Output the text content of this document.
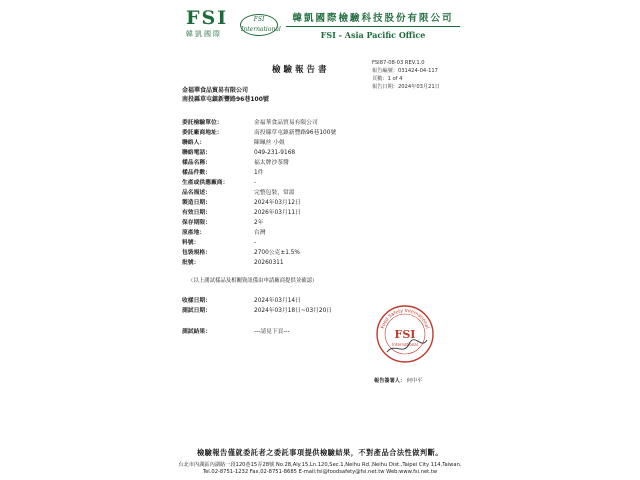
FSI
韓凱國際
FSI
International
韓凱國際檢驗科技股份有限公司
FSI - Asia Pacific Office
檢驗報告書
FSI87-08-03 REV.1.0
報告編號：031424-04-117
頁數：1 of 4
報告日期：2024年03月21日
金福華食品貿易有限公司
南投縣草屯鎮新豐路96巷100號
委託檢驗單位：	金福華食品貿易有限公司
委託廠商地址：	南投縣草屯鎮新豐路96巷100號
聯絡人：	陳珮丝 小姐
聯絡電話：	049-231-9168
樣品名稱：	福太牌沙茶醬
樣品件數：	1件
生產或供應廠商：	-
品名描述：	完整包裝，常溫
製造日期：	2024年03月12日
有效日期：	2026年03月11日
保存期限：	2年
原產地：	台灣
料號：	-
包裝規格：	2700公克±1.5%
批號：	20260311
（以上測試樣品及相關資訊係由申請廠商提供並確認）
收樣日期：	2024年03月14日
測試日期：	2024年03月18日~03月20日
測試結果：	---請見下頁---
Food Safety International
FSI
International
報告簽署人： 何中平
檢驗報告僅就委託者之委託事項提供檢驗結果，不對產品合法性做判斷。
台北市內湖區內湖路一段120巷15弄28號 No.28,Aly.15,Ln.120,Sec.1,Neihu Rd.,Neihu Dist.,Taipei City 114,Taiwan.
Tel.02-8751-1232 Fax.02-8751-8685 E-mail:fsi@foodsafety@fsi.net.tw Web:www.fsi.net.tw
